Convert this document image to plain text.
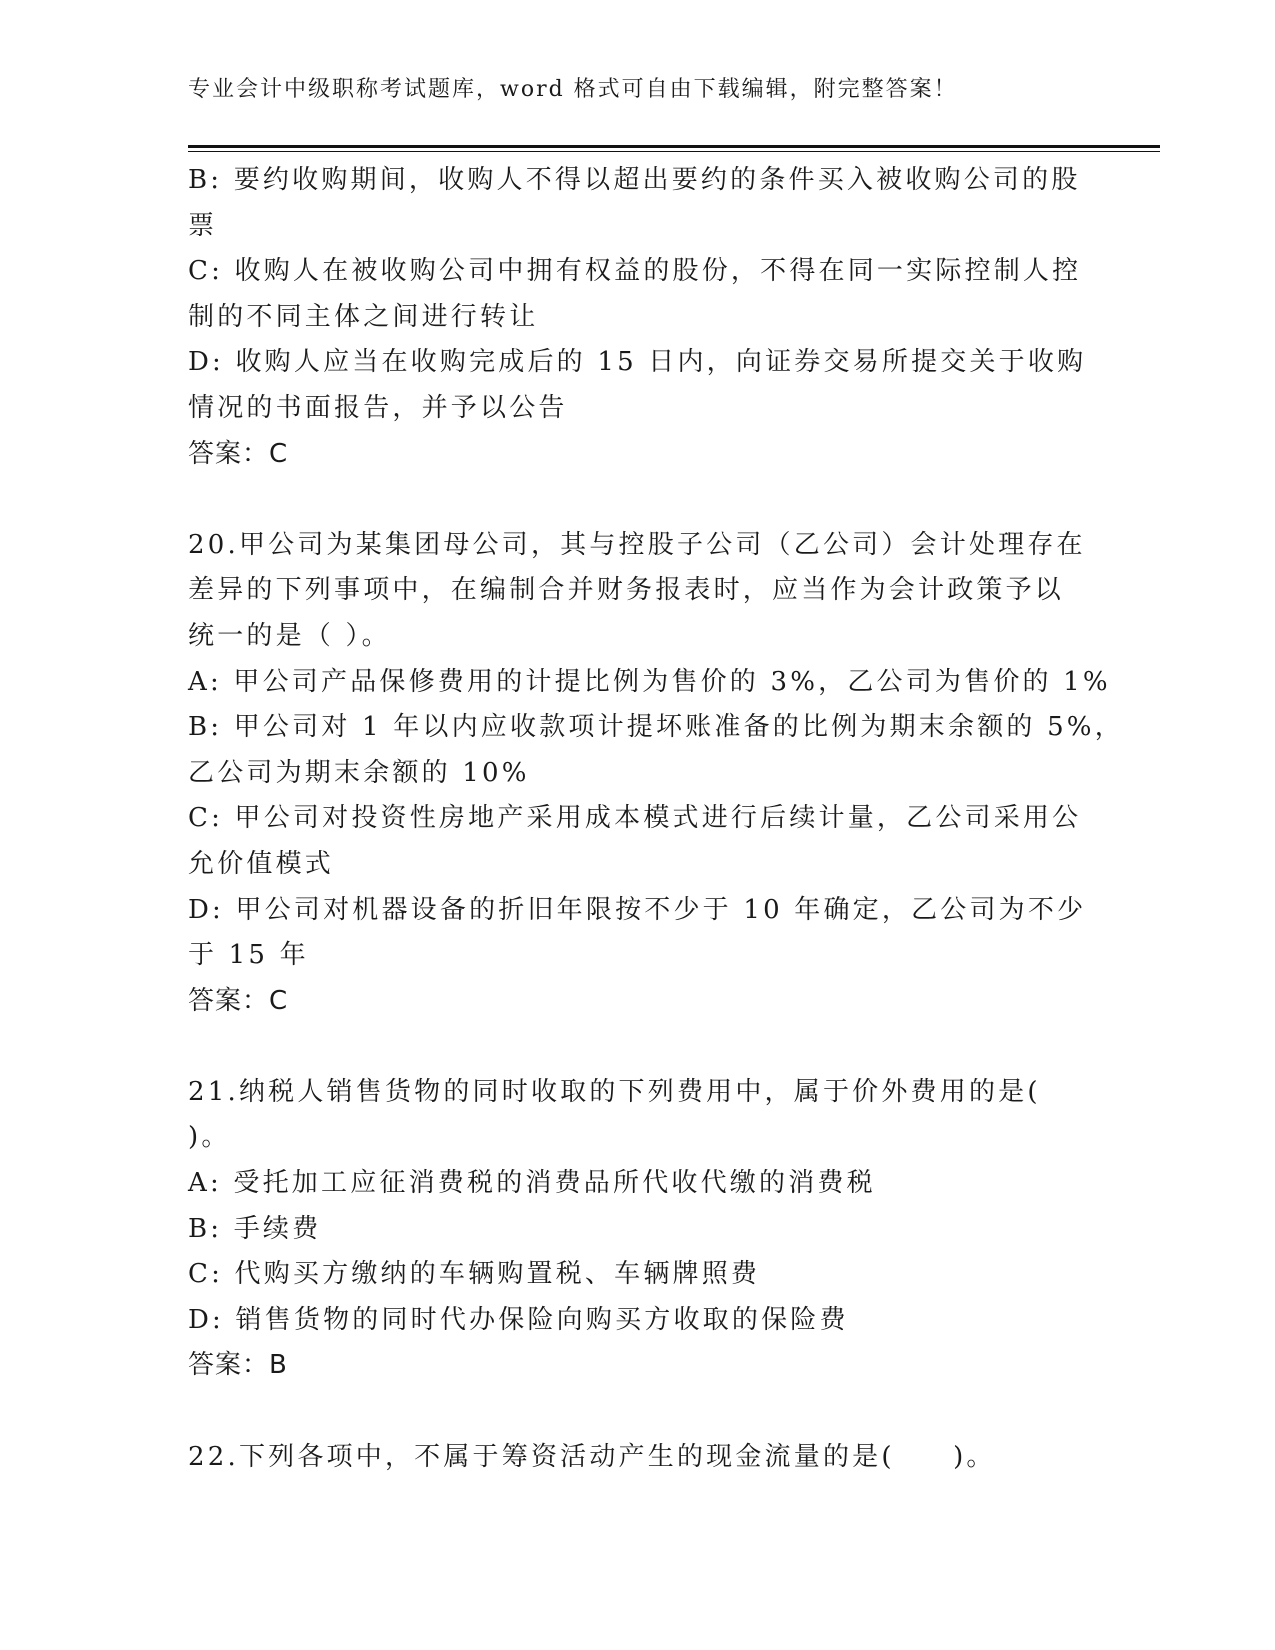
专业会计中级职称考试题库，word 格式可自由下载编辑，附完整答案！
B: 要约收购期间，收购人不得以超出要约的条件买入被收购公司的股
票
C: 收购人在被收购公司中拥有权益的股份，不得在同一实际控制人控
制的不同主体之间进行转让
D: 收购人应当在收购完成后的 15 日内，向证券交易所提交关于收购
情况的书面报告，并予以公告
答案：C
20.甲公司为某集团母公司，其与控股子公司（乙公司）会计处理存在
差异的下列事项中，在编制合并财务报表时，应当作为会计政策予以
统一的是（ ）。
A: 甲公司产品保修费用的计提比例为售价的 3%，乙公司为售价的 1%
B: 甲公司对 1 年以内应收款项计提坏账准备的比例为期末余额的 5%，
乙公司为期末余额的 10%
C: 甲公司对投资性房地产采用成本模式进行后续计量，乙公司采用公
允价值模式
D: 甲公司对机器设备的折旧年限按不少于 10 年确定，乙公司为不少
于 15 年
答案：C
21.纳税人销售货物的同时收取的下列费用中，属于价外费用的是(
)。
A: 受托加工应征消费税的消费品所代收代缴的消费税
B: 手续费
C: 代购买方缴纳的车辆购置税、车辆牌照费
D: 销售货物的同时代办保险向购买方收取的保险费
答案：B
22.下列各项中，不属于筹资活动产生的现金流量的是(　　)。
